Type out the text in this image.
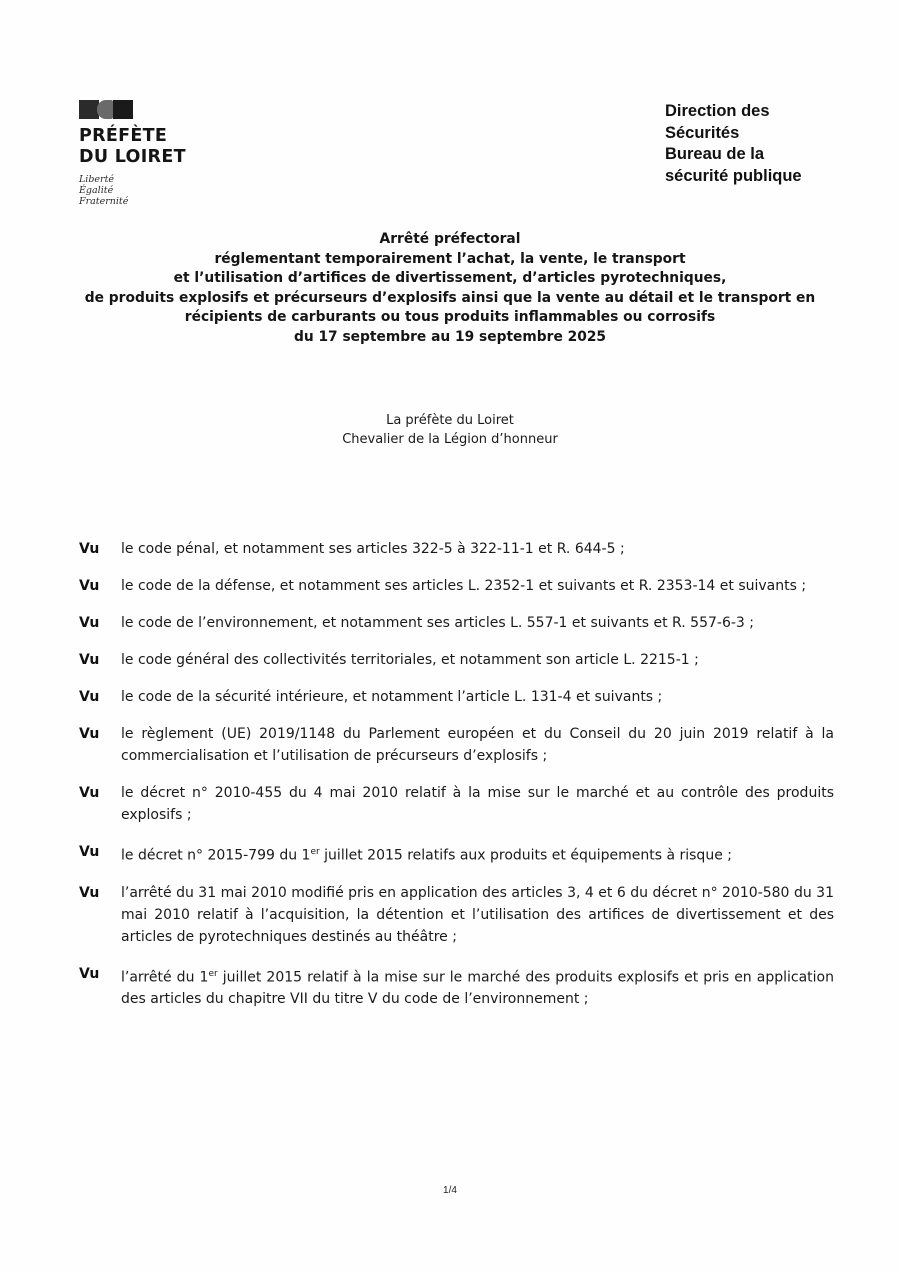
PRÉFÈTE
DU LOIRET
Liberté
Égalité
Fraternité
Direction des
Sécurités
Bureau de la
sécurité publique
Arrêté préfectoral
réglementant temporairement l’achat, la vente, le transport
et l’utilisation d’artifices de divertissement, d’articles pyrotechniques,
de produits explosifs et précurseurs d’explosifs ainsi que la vente au détail et le transport en
récipients de carburants ou tous produits inflammables ou corrosifs
du 17 septembre au 19 septembre 2025
La préfète du Loiret
Chevalier de la Légion d’honneur
Vu	le code pénal, et notamment ses articles 322-5 à 322-11-1 et R. 644-5 ;
Vu	le code de la défense, et notamment ses articles L. 2352-1 et suivants et R. 2353-14 et suivants ;
Vu	le code de l’environnement, et notamment ses articles L. 557-1 et suivants et R. 557-6-3 ;
Vu	le code général des collectivités territoriales, et notamment son article L. 2215-1 ;
Vu	le code de la sécurité intérieure, et notamment l’article L. 131-4 et suivants ;
Vu	le règlement (UE) 2019/1148 du Parlement européen et du Conseil du 20 juin 2019 relatif à la commercialisation et l’utilisation de précurseurs d’explosifs ;
Vu	le décret n° 2010-455 du 4 mai 2010 relatif à la mise sur le marché et au contrôle des produits explosifs ;
Vu	le décret n° 2015-799 du 1er juillet 2015 relatifs aux produits et équipements à risque ;
Vu	l’arrêté du 31 mai 2010 modifié pris en application des articles 3, 4 et 6 du décret n° 2010-580 du 31 mai 2010 relatif à l’acquisition, la détention et l’utilisation des artifices de divertissement et des articles de pyrotechniques destinés au théâtre ;
Vu	l’arrêté du 1er juillet 2015 relatif à la mise sur le marché des produits explosifs et pris en application des articles du chapitre VII du titre V du code de l’environnement ;
1/4
